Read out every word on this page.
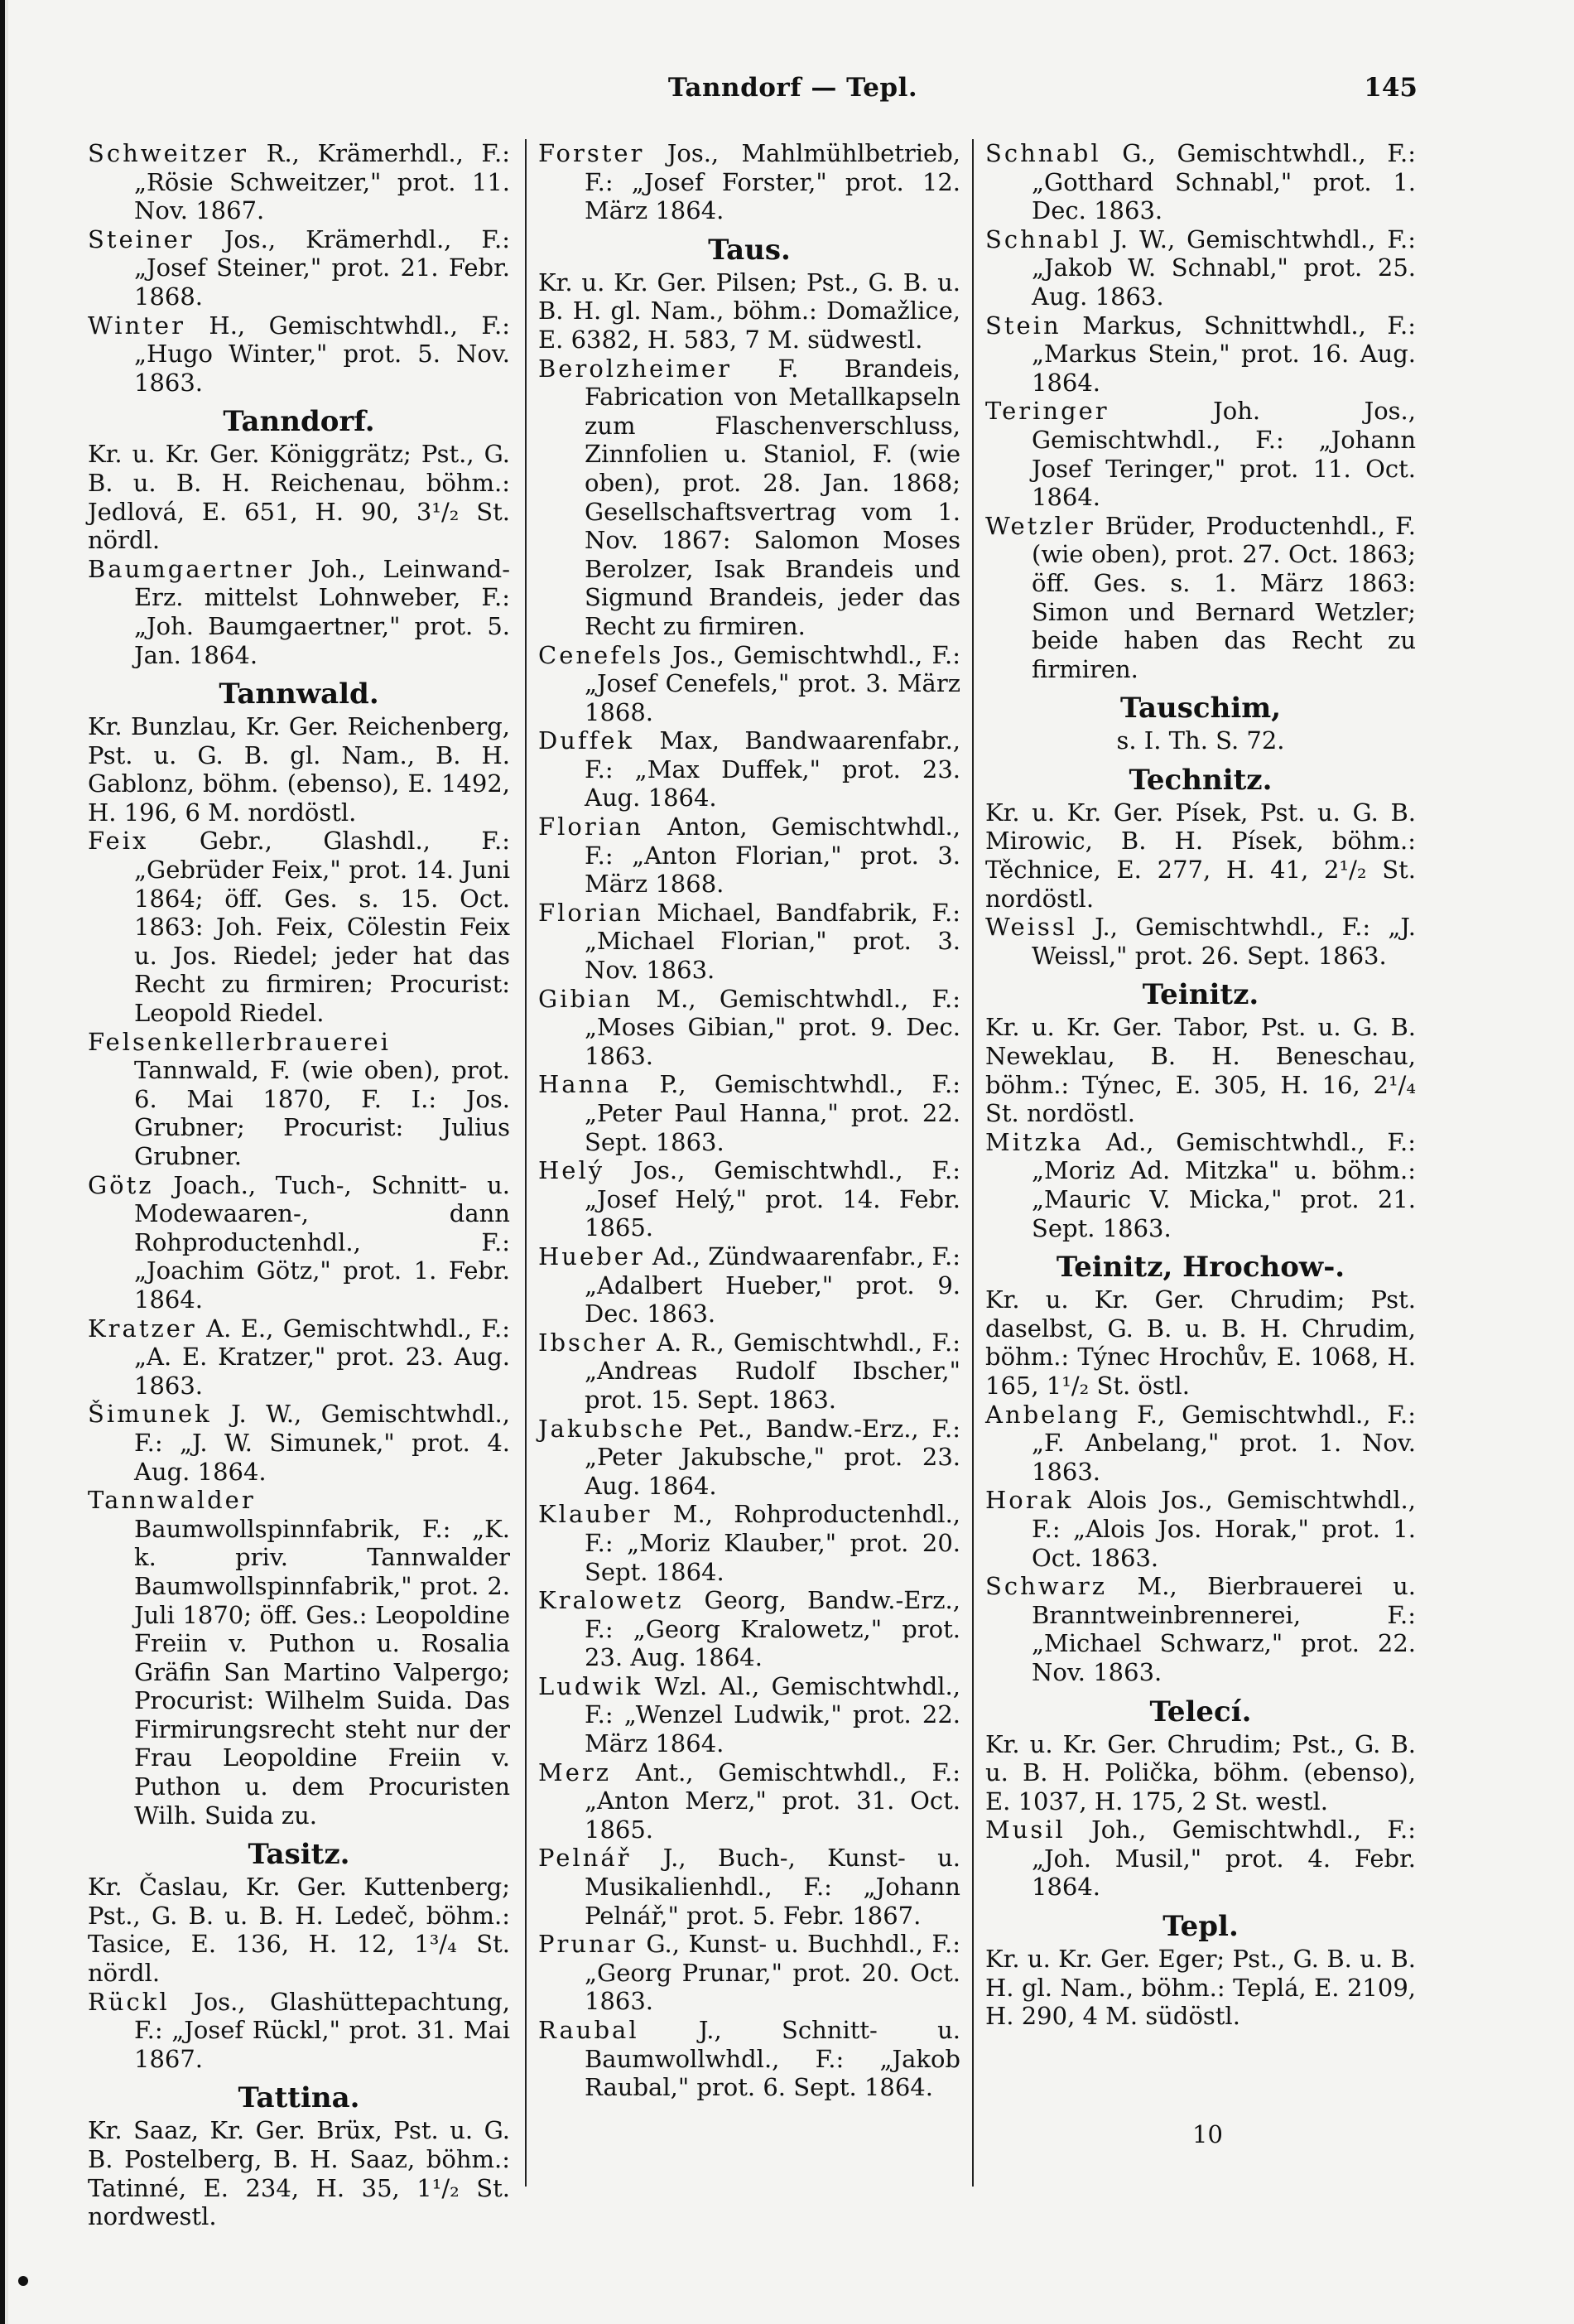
Tanndorf — Tepl.	145

Schweitzer R., Krämerhdl., F.: „Rösie Schweitzer," prot. 11. Nov. 1867.

Steiner Jos., Krämerhdl., F.: „Josef Steiner," prot. 21. Febr. 1868.

Winter H., Gemischtwhdl., F.: „Hugo Winter," prot. 5. Nov. 1863.

Tanndorf.

Kr. u. Kr. Ger. Königgrätz; Pst., G. B. u. B. H. Reichenau, böhm.: Jedlová, E. 651, H. 90, 3¹/₂ St. nördl.

Baumgaertner Joh., Leinwand-Erz. mittelst Lohnweber, F.: „Joh. Baumgaertner," prot. 5. Jan. 1864.

Tannwald.

Kr. Bunzlau, Kr. Ger. Reichenberg, Pst. u. G. B. gl. Nam., B. H. Gablonz, böhm. (ebenso), E. 1492, H. 196, 6 M. nordöstl.

Feix Gebr., Glashdl., F.: „Gebrüder Feix," prot. 14. Juni 1864; öff. Ges. s. 15. Oct. 1863: Joh. Feix, Cölestin Feix u. Jos. Riedel; jeder hat das Recht zu firmiren; Procurist: Leopold Riedel.

Felsenkellerbrauerei Tannwald, F. (wie oben), prot. 6. Mai 1870, F. I.: Jos. Grubner; Procurist: Julius Grubner.

Götz Joach., Tuch-, Schnitt- u. Modewaaren-, dann Rohproductenhdl., F.: „Joachim Götz," prot. 1. Febr. 1864.

Kratzer A. E., Gemischtwhdl., F.: „A. E. Kratzer," prot. 23. Aug. 1863.

Šimunek J. W., Gemischtwhdl., F.: „J. W. Simunek," prot. 4. Aug. 1864.

Tannwalder Baumwollspinnfabrik, F.: „K. k. priv. Tannwalder Baumwollspinnfabrik," prot. 2. Juli 1870; öff. Ges.: Leopoldine Freiin v. Puthon u. Rosalia Gräfin San Martino Valpergo; Procurist: Wilhelm Suida. Das Firmirungsrecht steht nur der Frau Leopoldine Freiin v. Puthon u. dem Procuristen Wilh. Suida zu.

Tasitz.

Kr. Časlau, Kr. Ger. Kuttenberg; Pst., G. B. u. B. H. Ledeč, böhm.: Tasice, E. 136, H. 12, 1³/₄ St. nördl.

Rückl Jos., Glashüttepachtung, F.: „Josef Rückl," prot. 31. Mai 1867.

Tattina.

Kr. Saaz, Kr. Ger. Brüx, Pst. u. G. B. Postelberg, B. H. Saaz, böhm.: Tatinné, E. 234, H. 35, 1¹/₂ St. nordwestl.

Forster Jos., Mahlmühlbetrieb, F.: „Josef Forster," prot. 12. März 1864.

Taus.

Kr. u. Kr. Ger. Pilsen; Pst., G. B. u. B. H. gl. Nam., böhm.: Domažlice, E. 6382, H. 583, 7 M. südwestl.

Berolzheimer F. Brandeis, Fabrication von Metallkapseln zum Flaschenverschluss, Zinnfolien u. Staniol, F. (wie oben), prot. 28. Jan. 1868; Gesellschaftsvertrag vom 1. Nov. 1867: Salomon Moses Berolzer, Isak Brandeis und Sigmund Brandeis, jeder das Recht zu firmiren.

Cenefels Jos., Gemischtwhdl., F.: „Josef Cenefels," prot. 3. März 1868.

Duffek Max, Bandwaarenfabr., F.: „Max Duffek," prot. 23. Aug. 1864.

Florian Anton, Gemischtwhdl., F.: „Anton Florian," prot. 3. März 1868.

Florian Michael, Bandfabrik, F.: „Michael Florian," prot. 3. Nov. 1863.

Gibian M., Gemischtwhdl., F.: „Moses Gibian," prot. 9. Dec. 1863.

Hanna P., Gemischtwhdl., F.: „Peter Paul Hanna," prot. 22. Sept. 1863.

Helý Jos., Gemischtwhdl., F.: „Josef Helý," prot. 14. Febr. 1865.

Hueber Ad., Zündwaarenfabr., F.: „Adalbert Hueber," prot. 9. Dec. 1863.

Ibscher A. R., Gemischtwhdl., F.: „Andreas Rudolf Ibscher," prot. 15. Sept. 1863.

Jakubsche Pet., Bandw.-Erz., F.: „Peter Jakubsche," prot. 23. Aug. 1864.

Klauber M., Rohproductenhdl., F.: „Moriz Klauber," prot. 20. Sept. 1864.

Kralowetz Georg, Bandw.-Erz., F.: „Georg Kralowetz," prot. 23. Aug. 1864.

Ludwik Wzl. Al., Gemischtwhdl., F.: „Wenzel Ludwik," prot. 22. März 1864.

Merz Ant., Gemischtwhdl., F.: „Anton Merz," prot. 31. Oct. 1865.

Pelnář J., Buch-, Kunst- u. Musikalienhdl., F.: „Johann Pelnář," prot. 5. Febr. 1867.

Prunar G., Kunst- u. Buchhdl., F.: „Georg Prunar," prot. 20. Oct. 1863.

Raubal J., Schnitt- u. Baumwollwhdl., F.: „Jakob Raubal," prot. 6. Sept. 1864.

Schnabl G., Gemischtwhdl., F.: „Gotthard Schnabl," prot. 1. Dec. 1863.

Schnabl J. W., Gemischtwhdl., F.: „Jakob W. Schnabl," prot. 25. Aug. 1863.

Stein Markus, Schnittwhdl., F.: „Markus Stein," prot. 16. Aug. 1864.

Teringer	Joh. Jos., Gemischtwhdl., F.: „Johann Josef Teringer," prot. 11. Oct. 1864.

Wetzler Brüder, Productenhdl., F. (wie oben), prot. 27. Oct. 1863; öff. Ges. s. 1. März 1863: Simon und Bernard Wetzler; beide haben das Recht zu firmiren.

Tauschim,

s. I. Th. S. 72.

Technitz.

Kr. u. Kr. Ger. Písek, Pst. u. G. B. Mirowic, B. H. Písek, böhm.: Těchnice, E. 277, H. 41, 2¹/₂ St. nordöstl.

Weissl J., Gemischtwhdl., F.: „J. Weissl," prot. 26. Sept. 1863.

Teinitz.

Kr. u. Kr. Ger. Tabor, Pst. u. G. B. Neweklau, B. H. Beneschau, böhm.: Týnec, E. 305, H. 16, 2¹/₄ St. nordöstl.

Mitzka Ad., Gemischtwhdl., F.: „Moriz Ad. Mitzka" u. böhm.: „Mauric V. Micka," prot. 21. Sept. 1863.

Teinitz, Hrochow-.

Kr. u. Kr. Ger. Chrudim; Pst. daselbst, G. B. u. B. H. Chrudim, böhm.: Týnec Hrochův, E. 1068, H. 165, 1¹/₂ St. östl.

Anbelang F., Gemischtwhdl., F.: „F. Anbelang," prot. 1. Nov. 1863.

Horak Alois Jos., Gemischtwhdl., F.: „Alois Jos. Horak," prot. 1. Oct. 1863.

Schwarz M., Bierbrauerei u. Branntweinbrennerei, F.: „Michael Schwarz," prot. 22. Nov. 1863.

Telecí.

Kr. u. Kr. Ger. Chrudim; Pst., G. B. u. B. H. Polička, böhm. (ebenso), E. 1037, H. 175, 2 St. westl.

Musil Joh., Gemischtwhdl., F.: „Joh. Musil," prot. 4. Febr. 1864.

Tepl.

Kr. u. Kr. Ger. Eger; Pst., G. B. u. B. H. gl. Nam., böhm.: Teplá, E. 2109, H. 290, 4 M. südöstl.

10
